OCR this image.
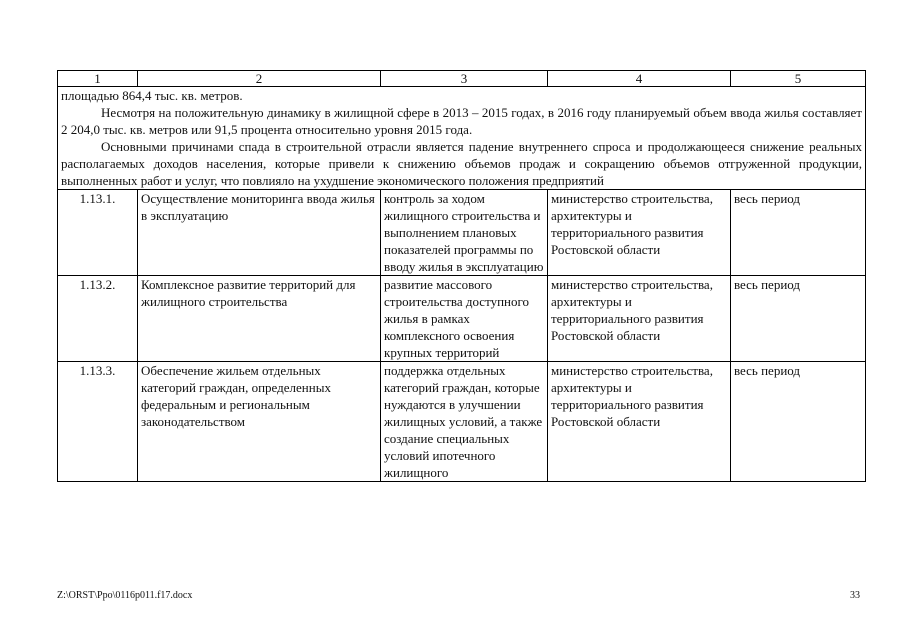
1	2	3	4	5

площадью 864,4 тыс. кв. метров.

Несмотря на положительную динамику в жилищной сфере в 2013 – 2015 годах, в 2016 году планируемый объем ввода жилья составляет 2 204,0 тыс. кв. метров или 91,5 процента относительно уровня 2015 года.

Основными причинами спада в строительной отрасли является падение внутреннего спроса и продолжающееся снижение реальных располагаемых доходов населения, которые привели к снижению объемов продаж и сокращению объемов отгруженной продукции, выполненных работ и услуг, что повлияло на ухудшение экономического положения предприятий				

1.13.1.	Осуществление мониторинга ввода жилья в эксплуатацию	контроль за ходом жилищного строительства и выполнением плановых показателей программы по вводу жилья в эксплуатацию	министерство строительства, архитектуры и территориального развития Ростовской области	весь период
1.13.2.	Комплексное развитие территорий для жилищного строительства	развитие массового строительства доступного жилья в рамках комплексного освоения крупных территорий	министерство строительства, архитектуры и территориального развития Ростовской области	весь период
1.13.3.	Обеспечение жильем отдельных категорий граждан, определенных федеральным и региональным законодательством	поддержка отдельных категорий граждан, которые нуждаются в улучшении жилищных условий, а также создание специальных условий ипотечного жилищного	министерство строительства, архитектуры и территориального развития Ростовской области	весь период
Z:\ORST\Ppo\0116p011.f17.docx	33
